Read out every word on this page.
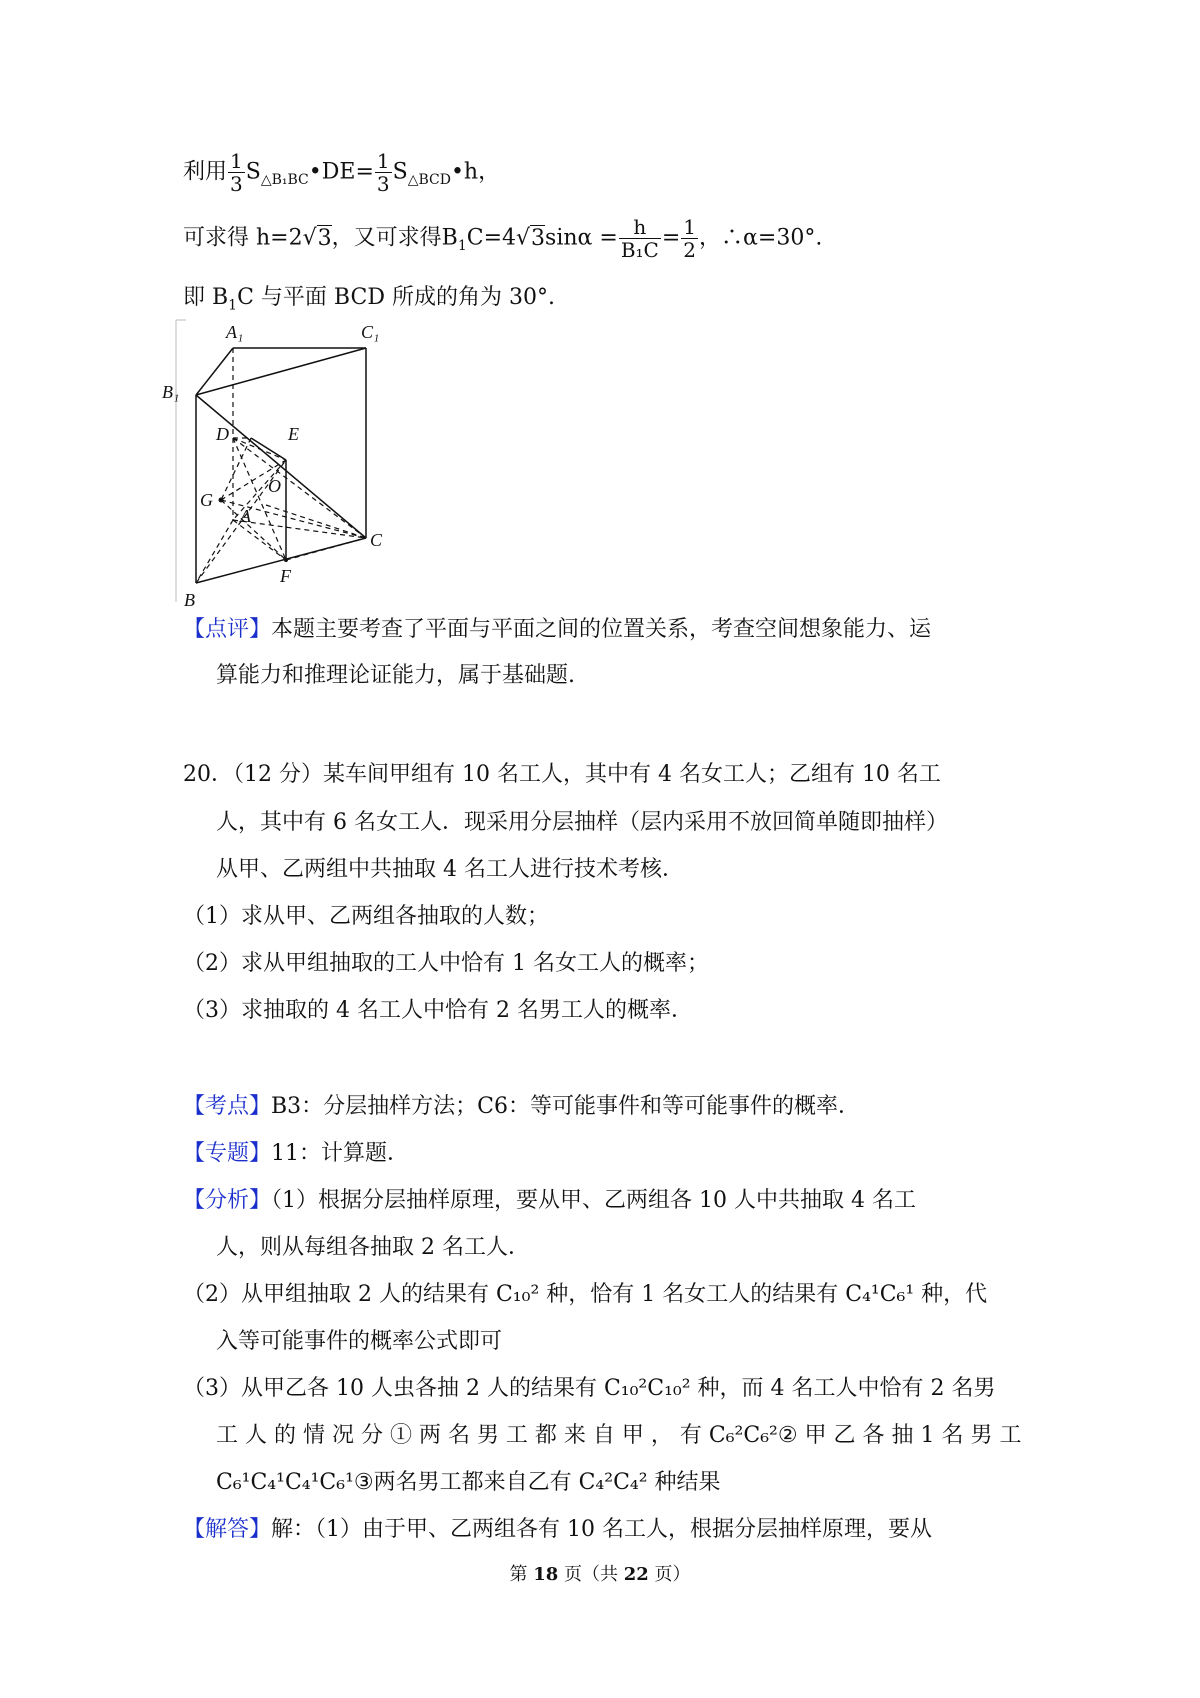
利用 $\frac{1}{3}$ $S_{\triangle B_1BC}•DE= \frac{1}{3}$ $S_{\triangle BCD}•h$，
可求得 h=2√3，又可求得$B_1C=4√3\sin\alpha = \frac{h}{\text{B₁C}} = \frac{1}{2}$ ，∴α=30°.
即 $B_1C$ 与平面 BCD 所成的角为 30°.
A₁	C₁
B₁
D	E
G
O
A
C
F
B
【点评】本题主要考查了平面与平面之间的位置关系，考查空间想象能力、运
算能力和推理论证能力，属于基础题.
20．（12 分）某车间甲组有 10 名工人，其中有 4 名女工人；乙组有 10 名工
人，其中有 6 名女工人．现采用分层抽样（层内采用不放回简单随即抽样）
从甲、乙两组中共抽取 4 名工人进行技术考核．
（1）求从甲、乙两组各抽取的人数；
（2）求从甲组抽取的工人中恰有 1 名女工人的概率；
（3）求抽取的 4 名工人中恰有 2 名男工人的概率．
【考点】B3：分层抽样方法；C6：等可能事件和等可能事件的概率．
【专题】11：计算题．
【分析】（1）根据分层抽样原理，要从甲、乙两组各 10 人中共抽取 4 名工
人，则从每组各抽取 2 名工人．
（2）从甲组抽取 2 人的结果有 C₁₀² 种，恰有 1 名女工人的结果有 C₄¹C₆¹ 种，代
入等可能事件的概率公式即可
（3）从甲乙各 10 人虫各抽 2 人的结果有 C₁₀²C₁₀² 种，而 4 名工人中恰有 2 名男
工 人 的 情 况 分 ① 两 名 男 工 都 来 自 甲 ， 有 C₆²C₆²② 甲 乙 各 抽 1 名 男 工
C₆¹C₄¹C₄¹C₆¹③两名男工都来自乙有 C₄²C₄² 种结果
【解答】解：（1）由于甲、乙两组各有 10 名工人，根据分层抽样原理，要从
第 18 页（共 22 页）
